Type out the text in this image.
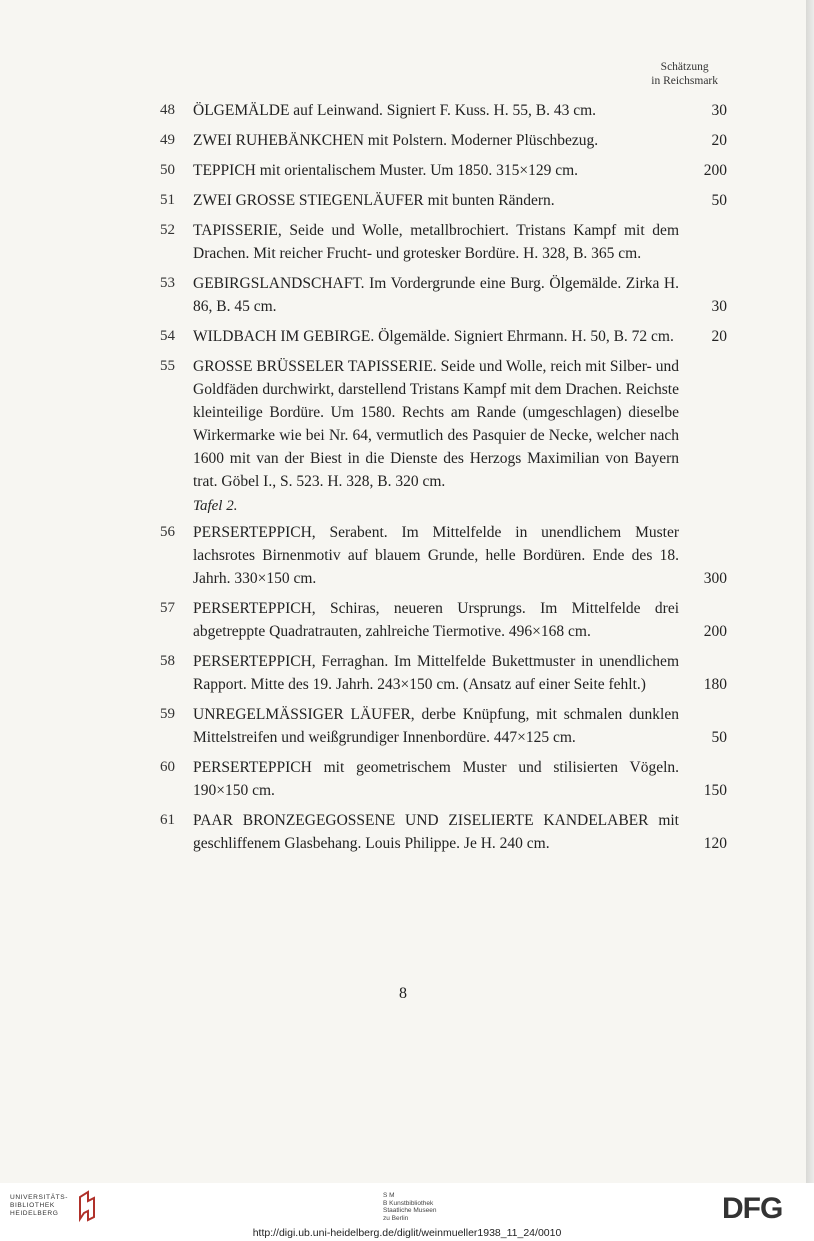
Schätzung
in Reichsmark
48	ÖLGEMÄLDE auf Leinwand. Signiert F. Kuss. H. 55, B. 43 cm.	30
49	ZWEI RUHEBÄNKCHEN mit Polstern. Moderner Plüschbezug.	20
50	TEPPICH mit orientalischem Muster. Um 1850. 315×129 cm.	200
51	ZWEI GROSSE STIEGENLÄUFER mit bunten Rändern.	50
52	TAPISSERIE, Seide und Wolle, metallbrochiert. Tristans Kampf mit dem Drachen. Mit reicher Frucht- und grotesker Bordüre. H. 328, B. 365 cm.
53	GEBIRGSLANDSCHAFT. Im Vordergrunde eine Burg. Ölgemälde. Zirka H. 86, B. 45 cm.	30
54	WILDBACH IM GEBIRGE. Ölgemälde. Signiert Ehrmann. H. 50, B. 72 cm.	20
55	GROSSE BRÜSSELER TAPISSERIE. Seide und Wolle, reich mit Silber- und Goldfäden durchwirkt, darstellend Tristans Kampf mit dem Drachen. Reichste kleinteilige Bordüre. Um 1580. Rechts am Rande (umgeschlagen) dieselbe Wirkermarke wie bei Nr. 64, vermutlich des Pasquier de Necke, welcher nach 1600 mit van der Biest in die Dienste des Herzogs Maximilian von Bayern trat. Göbel I., S. 523. H. 328, B. 320 cm.
Tafel 2.
56	PERSERTEPPICH, Serabent. Im Mittelfelde in unendlichem Muster lachsrotes Birnenmotiv auf blauem Grunde, helle Bordüren. Ende des 18. Jahrh. 330×150 cm.	300
57	PERSERTEPPICH, Schiras, neueren Ursprungs. Im Mittelfelde drei abgetreppte Quadratrauten, zahlreiche Tiermotive. 496×168 cm.	200
58	PERSERTEPPICH, Ferraghan. Im Mittelfelde Bukettmuster in unendlichem Rapport. Mitte des 19. Jahrh. 243×150 cm. (Ansatz auf einer Seite fehlt.)	180
59	UNREGELMÄSSIGER LÄUFER, derbe Knüpfung, mit schmalen dunklen Mittelstreifen und weißgrundiger Innenbordüre. 447×125 cm.	50
60	PERSERTEPPICH mit geometrischem Muster und stilisierten Vögeln. 190×150 cm.	150
61	PAAR BRONZEGEGOSSENE UND ZISELIERTE KANDELABER mit geschliffenem Glasbehang. Louis Philippe. Je H. 240 cm.	120
8
UNIVERSITÄTS-
BIBLIOTHEK
HEIDELBERG
S M
B Kunstbibliothek
Staatliche Museen
zu Berlin	DFG
http://digi.ub.uni-heidelberg.de/diglit/weinmueller1938_11_24/0010
